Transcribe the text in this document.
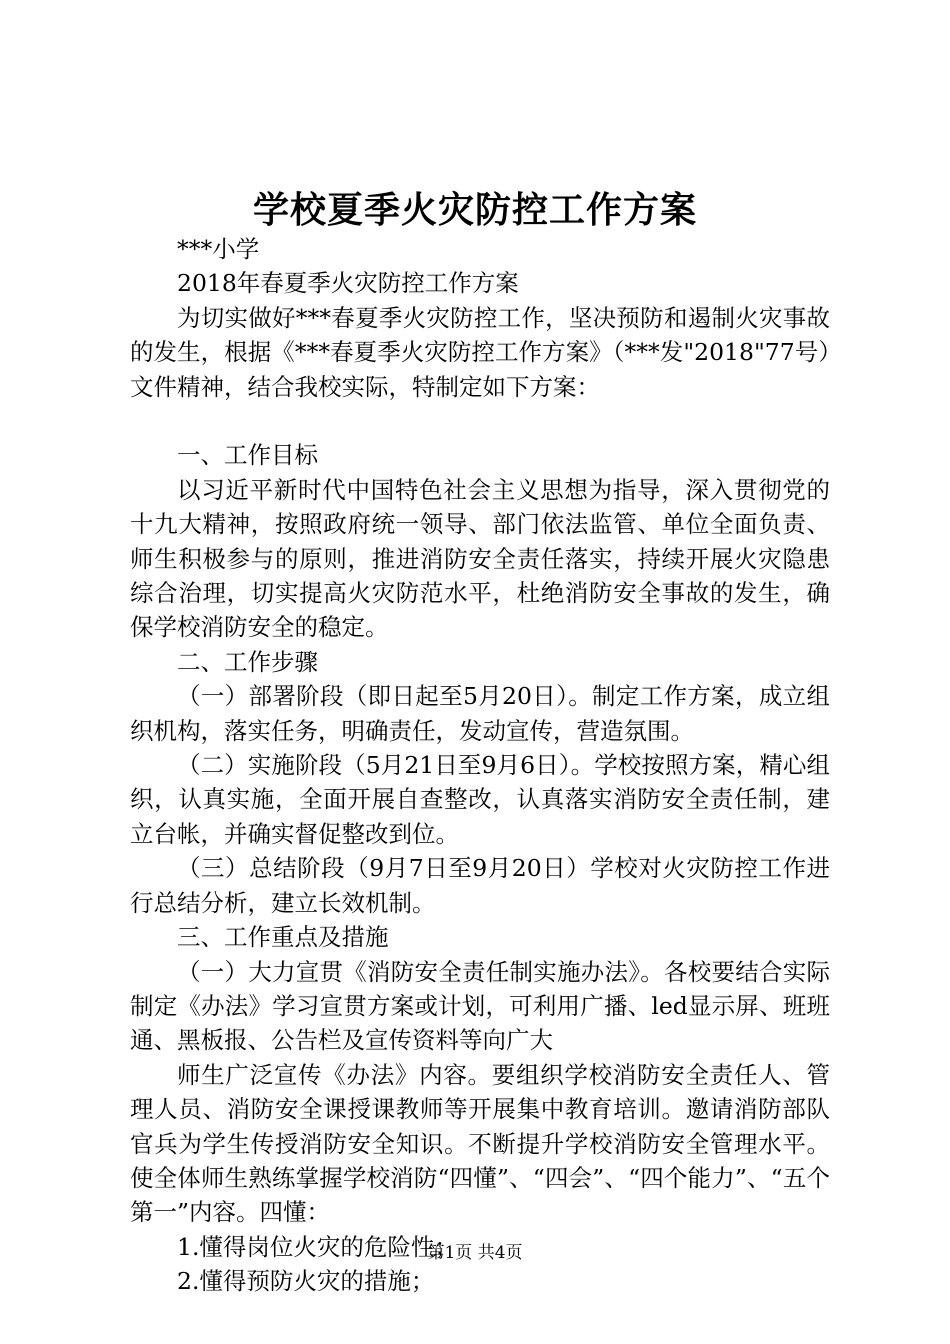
学校夏季火灾防控工作方案

***小学

2018年春夏季火灾防控工作方案

为切实做好***春夏季火灾防控工作，坚决预防和遏制火灾事故的发生，根据《***春夏季火灾防控工作方案》（***发"2018"77号）文件精神，结合我校实际，特制定如下方案：

一、工作目标

以习近平新时代中国特色社会主义思想为指导，深入贯彻党的十九大精神，按照政府统一领导、部门依法监管、单位全面负责、师生积极参与的原则，推进消防安全责任落实，持续开展火灾隐患综合治理，切实提高火灾防范水平，杜绝消防安全事故的发生，确保学校消防安全的稳定。

二、工作步骤

（一）部署阶段（即日起至5月20日）。制定工作方案，成立组织机构，落实任务，明确责任，发动宣传，营造氛围。

（二）实施阶段（5月21日至9月6日）。学校按照方案，精心组织，认真实施，全面开展自查整改，认真落实消防安全责任制，建立台帐，并确实督促整改到位。

（三）总结阶段（9月7日至9月20日）学校对火灾防控工作进行总结分析，建立长效机制。

三、工作重点及措施

（一）大力宣贯《消防安全责任制实施办法》。各校要结合实际制定《办法》学习宣贯方案或计划，可利用广播、led显示屏、班班通、黑板报、公告栏及宣传资料等向广大

师生广泛宣传《办法》内容。要组织学校消防安全责任人、管理人员、消防安全课授课教师等开展集中教育培训。邀请消防部队官兵为学生传授消防安全知识。不断提升学校消防安全管理水平。使全体师生熟练掌握学校消防“四懂”、“四会”、“四个能力”、“五个第一”内容。四懂：

1.懂得岗位火灾的危险性；

2.懂得预防火灾的措施；

第1页 共4页
